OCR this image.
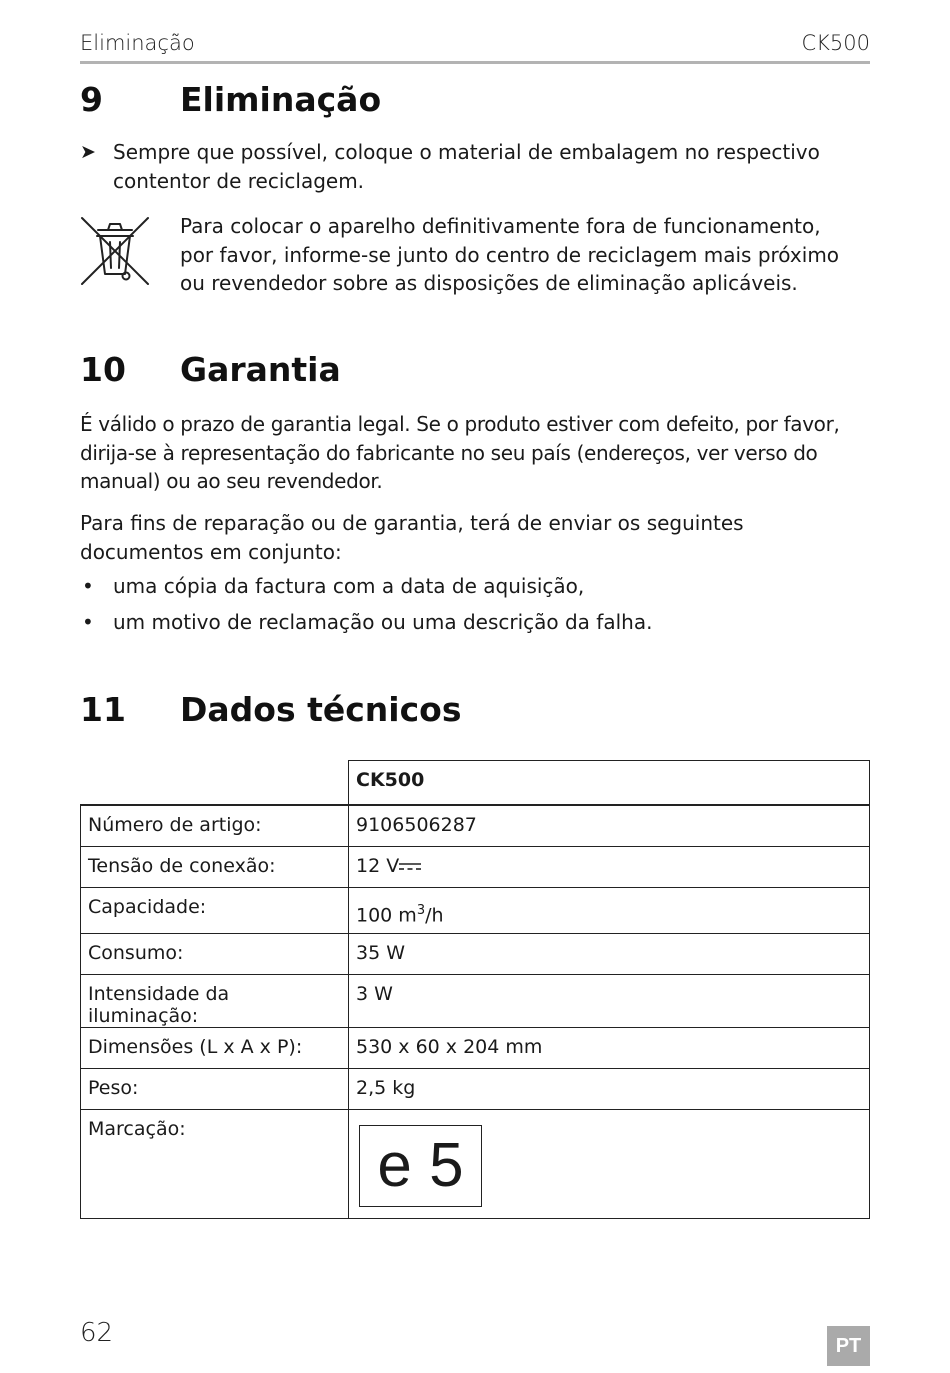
Eliminação	CK500
9 Eliminação
➤ Sempre que possível, coloque o material de embalagem no respectivo contentor de reciclagem.
Para colocar o aparelho definitivamente fora de funcionamento, por favor, informe-se junto do centro de reciclagem mais próximo ou revendedor sobre as disposições de eliminação aplicáveis.
10 Garantia
É válido o prazo de garantia legal. Se o produto estiver com defeito, por favor, dirija-se à representação do fabricante no seu país (endereços, ver verso do manual) ou ao seu revendedor.
Para fins de reparação ou de garantia, terá de enviar os seguintes documentos em conjunto:
• uma cópia da factura com a data de aquisição,
• um motivo de reclamação ou uma descrição da falha.
11 Dados técnicos
	CK500
Número de artigo:	9106506287
Tensão de conexão:	12 V
Capacidade:	100 $m^3/h$
Consumo:	35 W
Intensidade da iluminação:	3 W
Dimensões (L x A x P):	530 x 60 x 204 mm
Peso:	2,5 kg
Marcação:	e 5
62	PT
